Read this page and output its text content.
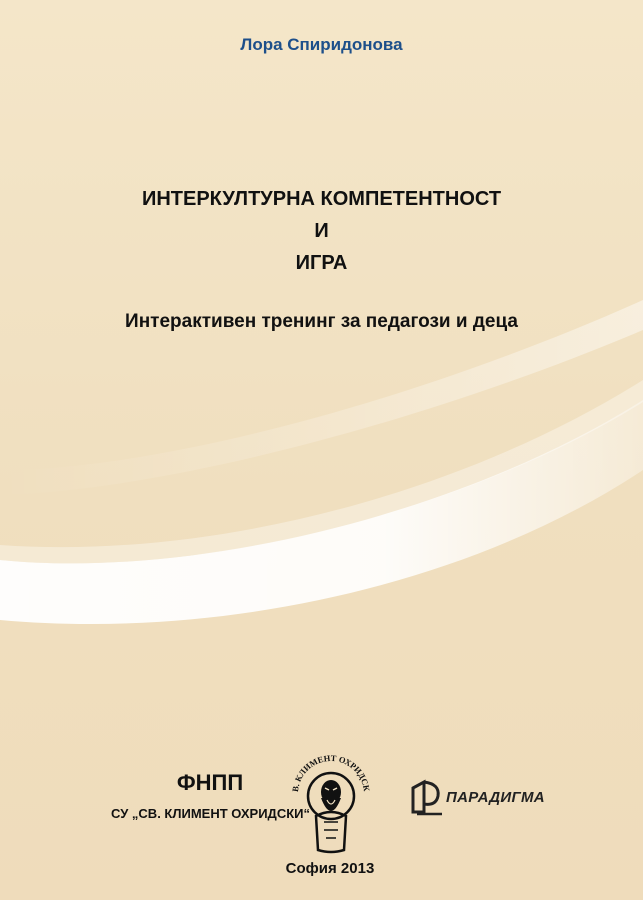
Лора Спиридонова
ИНТЕРКУЛТУРНА КОМПЕТЕНТНОСТ
И
ИГРА
Интерактивен тренинг за педагози и деца
ФНПП
СУ „СВ. КЛИМЕНТ ОХРИДСКИ“
В. КЛИМЕНТ ОХРИДСК
София 2013
ПАРАДИГМА
